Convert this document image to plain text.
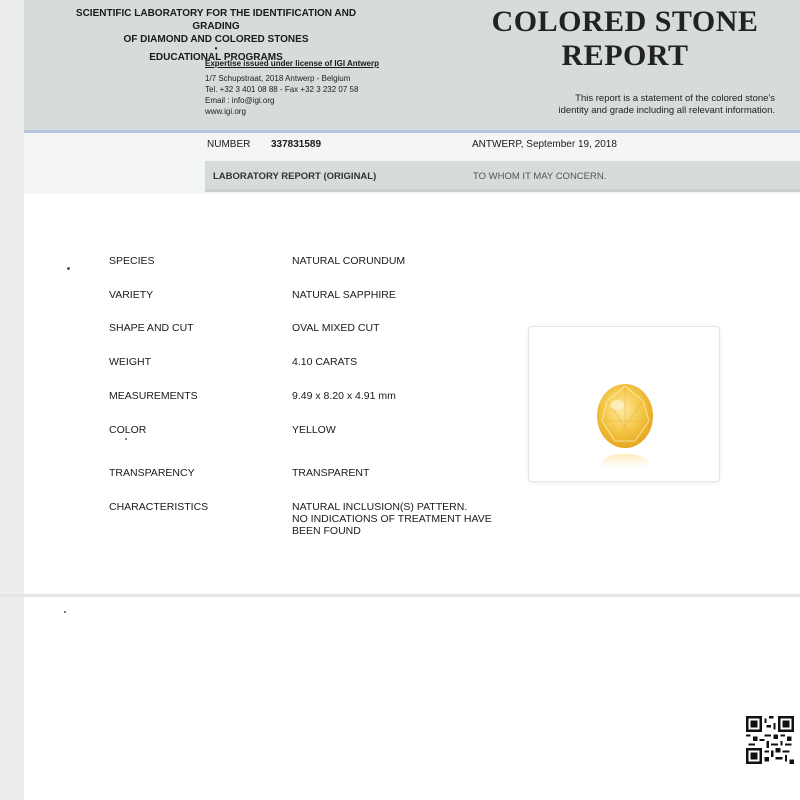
SCIENTIFIC LABORATORY FOR THE IDENTIFICATION AND GRADING
OF DIAMOND AND COLORED STONES
•
EDUCATIONAL PROGRAMS
Expertise issued under license of IGI Antwerp
1/7 Schupstraat, 2018 Antwerp - Belgium
Tel. +32 3 401 08 88 - Fax +32 3 232 07 58
Email : info@igi.org
www.igi.org
COLORED STONE
REPORT
This report is a statement of the colored stone's
identity and grade including all relevant information.
NUMBER 337831589	ANTWERP, September 19, 2018
LABORATORY REPORT (ORIGINAL)	TO WHOM IT MAY CONCERN.
SPECIES	NATURAL CORUNDUM
VARIETY	NATURAL SAPPHIRE
SHAPE AND CUT	OVAL MIXED CUT
WEIGHT	4.10 CARATS
MEASUREMENTS	9.49 x 8.20 x 4.91 mm
COLOR	YELLOW
TRANSPARENCY	TRANSPARENT
CHARACTERISTICS	NATURAL INCLUSION(S) PATTERN.
NO INDICATIONS OF TREATMENT HAVE
BEEN FOUND
